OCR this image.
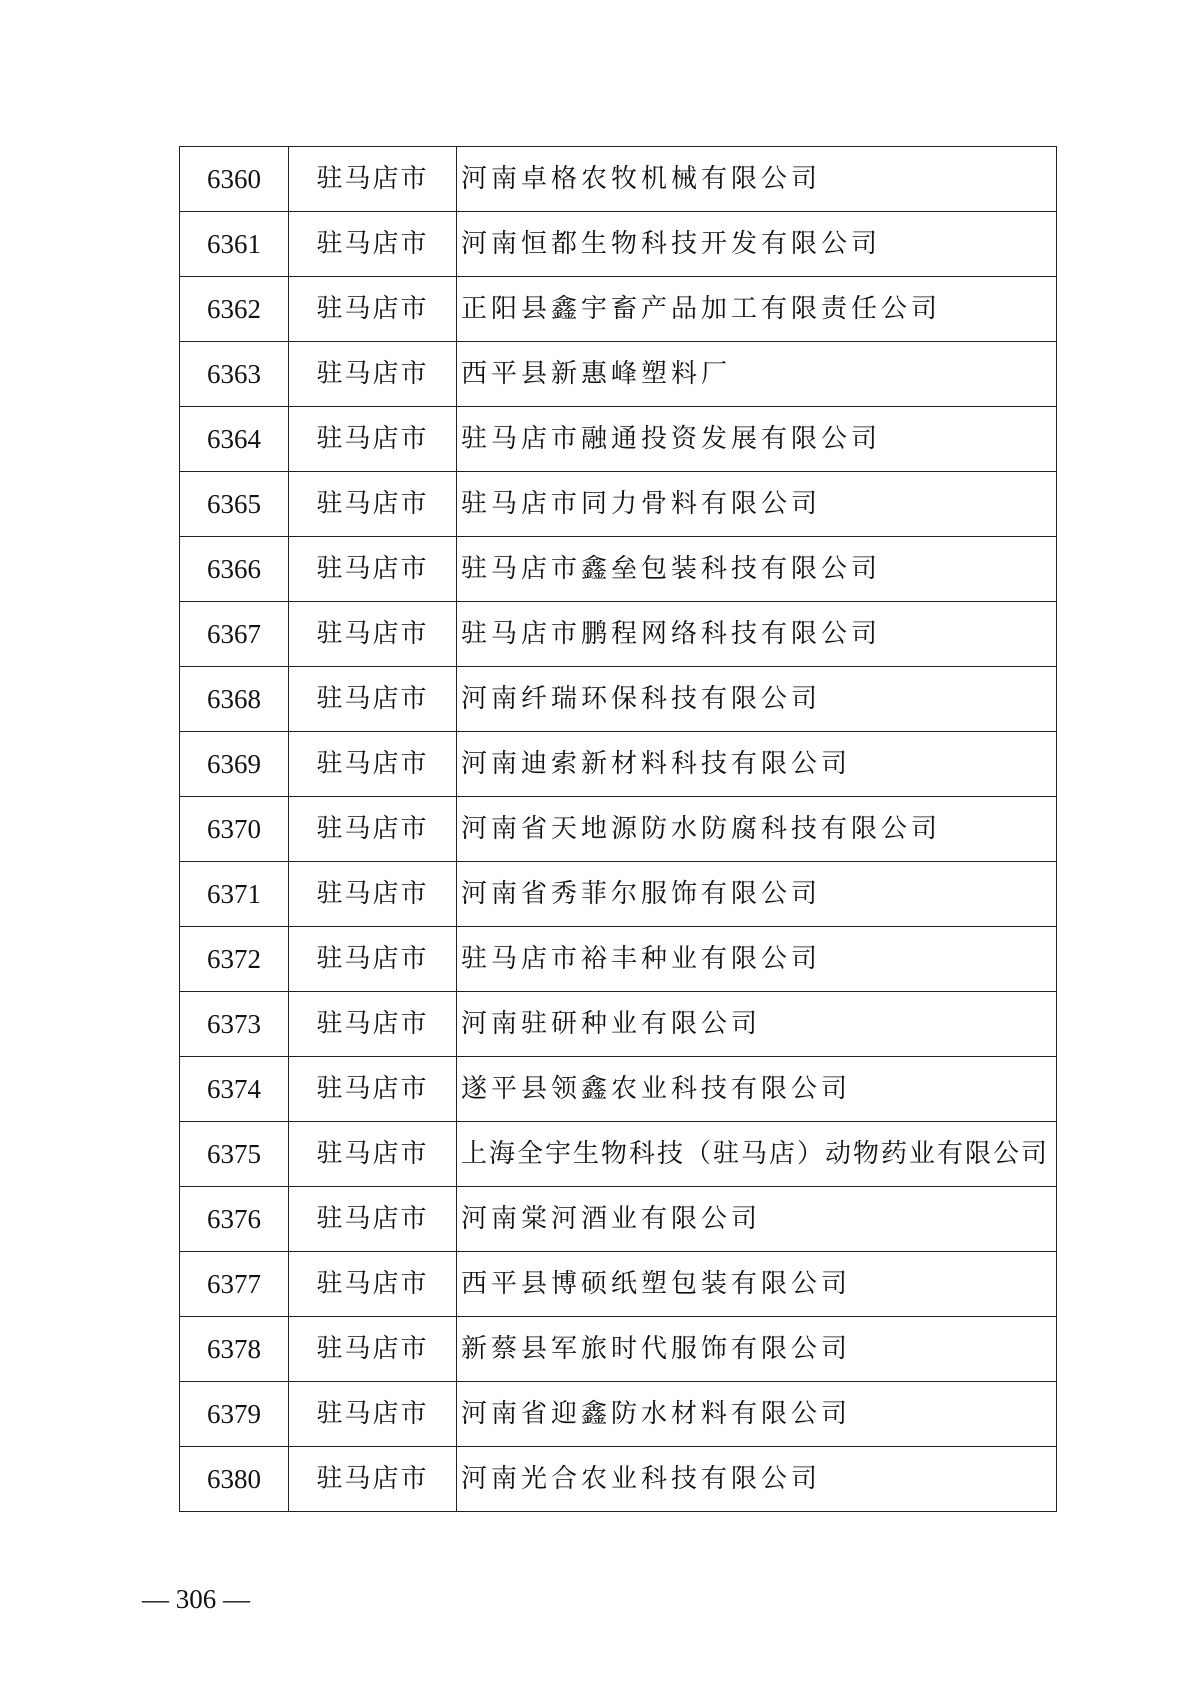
6360	驻马店市	河南卓格农牧机械有限公司
6361	驻马店市	河南恒都生物科技开发有限公司
6362	驻马店市	正阳县鑫宇畜产品加工有限责任公司
6363	驻马店市	西平县新惠峰塑料厂
6364	驻马店市	驻马店市融通投资发展有限公司
6365	驻马店市	驻马店市同力骨料有限公司
6366	驻马店市	驻马店市鑫垒包装科技有限公司
6367	驻马店市	驻马店市鹏程网络科技有限公司
6368	驻马店市	河南纤瑞环保科技有限公司
6369	驻马店市	河南迪索新材料科技有限公司
6370	驻马店市	河南省天地源防水防腐科技有限公司
6371	驻马店市	河南省秀菲尔服饰有限公司
6372	驻马店市	驻马店市裕丰种业有限公司
6373	驻马店市	河南驻研种业有限公司
6374	驻马店市	遂平县领鑫农业科技有限公司
6375	驻马店市	上海全宇生物科技（驻马店）动物药业有限公司
6376	驻马店市	河南棠河酒业有限公司
6377	驻马店市	西平县博硕纸塑包装有限公司
6378	驻马店市	新蔡县军旅时代服饰有限公司
6379	驻马店市	河南省迎鑫防水材料有限公司
6380	驻马店市	河南光合农业科技有限公司
— 306 —
